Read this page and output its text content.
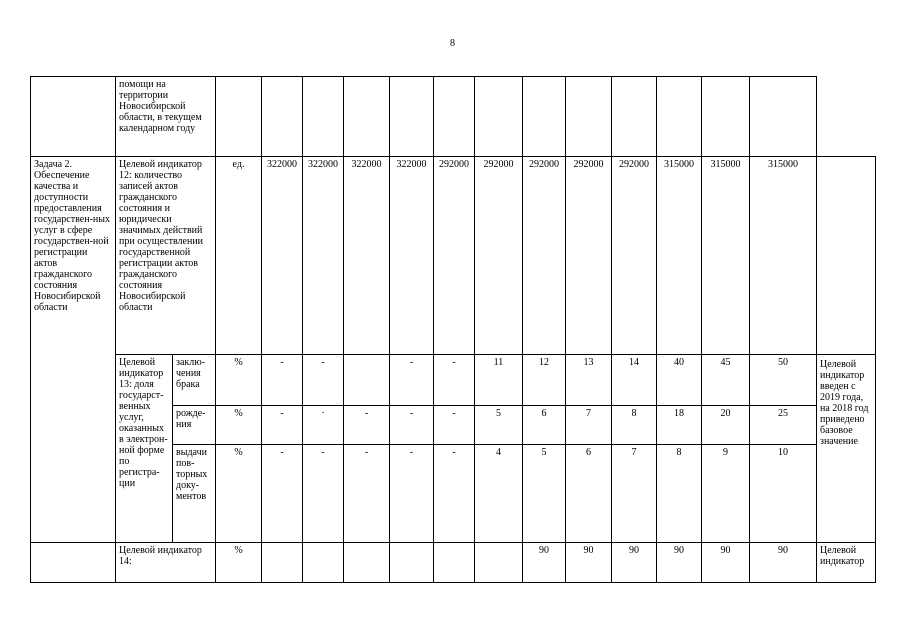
8
	помощи на территории Новосибирской области, в текущем календарном году															
Задача 2. Обеспечение качества и доступности предоставления государствен-ных услуг в сфере государствен-ной регистрации актов гражданского состояния Новосибирской области	Целевой индикатор 12: количество записей актов гражданского состояния и юридически значимых действий при осуществлении государственной регистрации актов гражданского состояния Новосибирской области		ед.	322000	322000	322000	322000	292000	292000	292000	292000	292000	315000	315000	315000	
	Целевой индикатор 13: доля государст-венных услуг, оказанных в электрон-ной форме по регистра-ции	заклю-чения брака	%	-	-		-	-	11	12	13	14	40	45	50	Целевой индикатор введен с 2019 года, на 2018 год приведено базовое значение
		рожде-ния	%	-	·	-	-	-	5	6	7	8	18	20	25	
		выдачи пов-торных доку-ментов	%	-	-	-	-	-	4	5	6	7	8	9	10	
	Целевой индикатор 14:		%							90	90	90	90	90	90	Целевой индикатор
